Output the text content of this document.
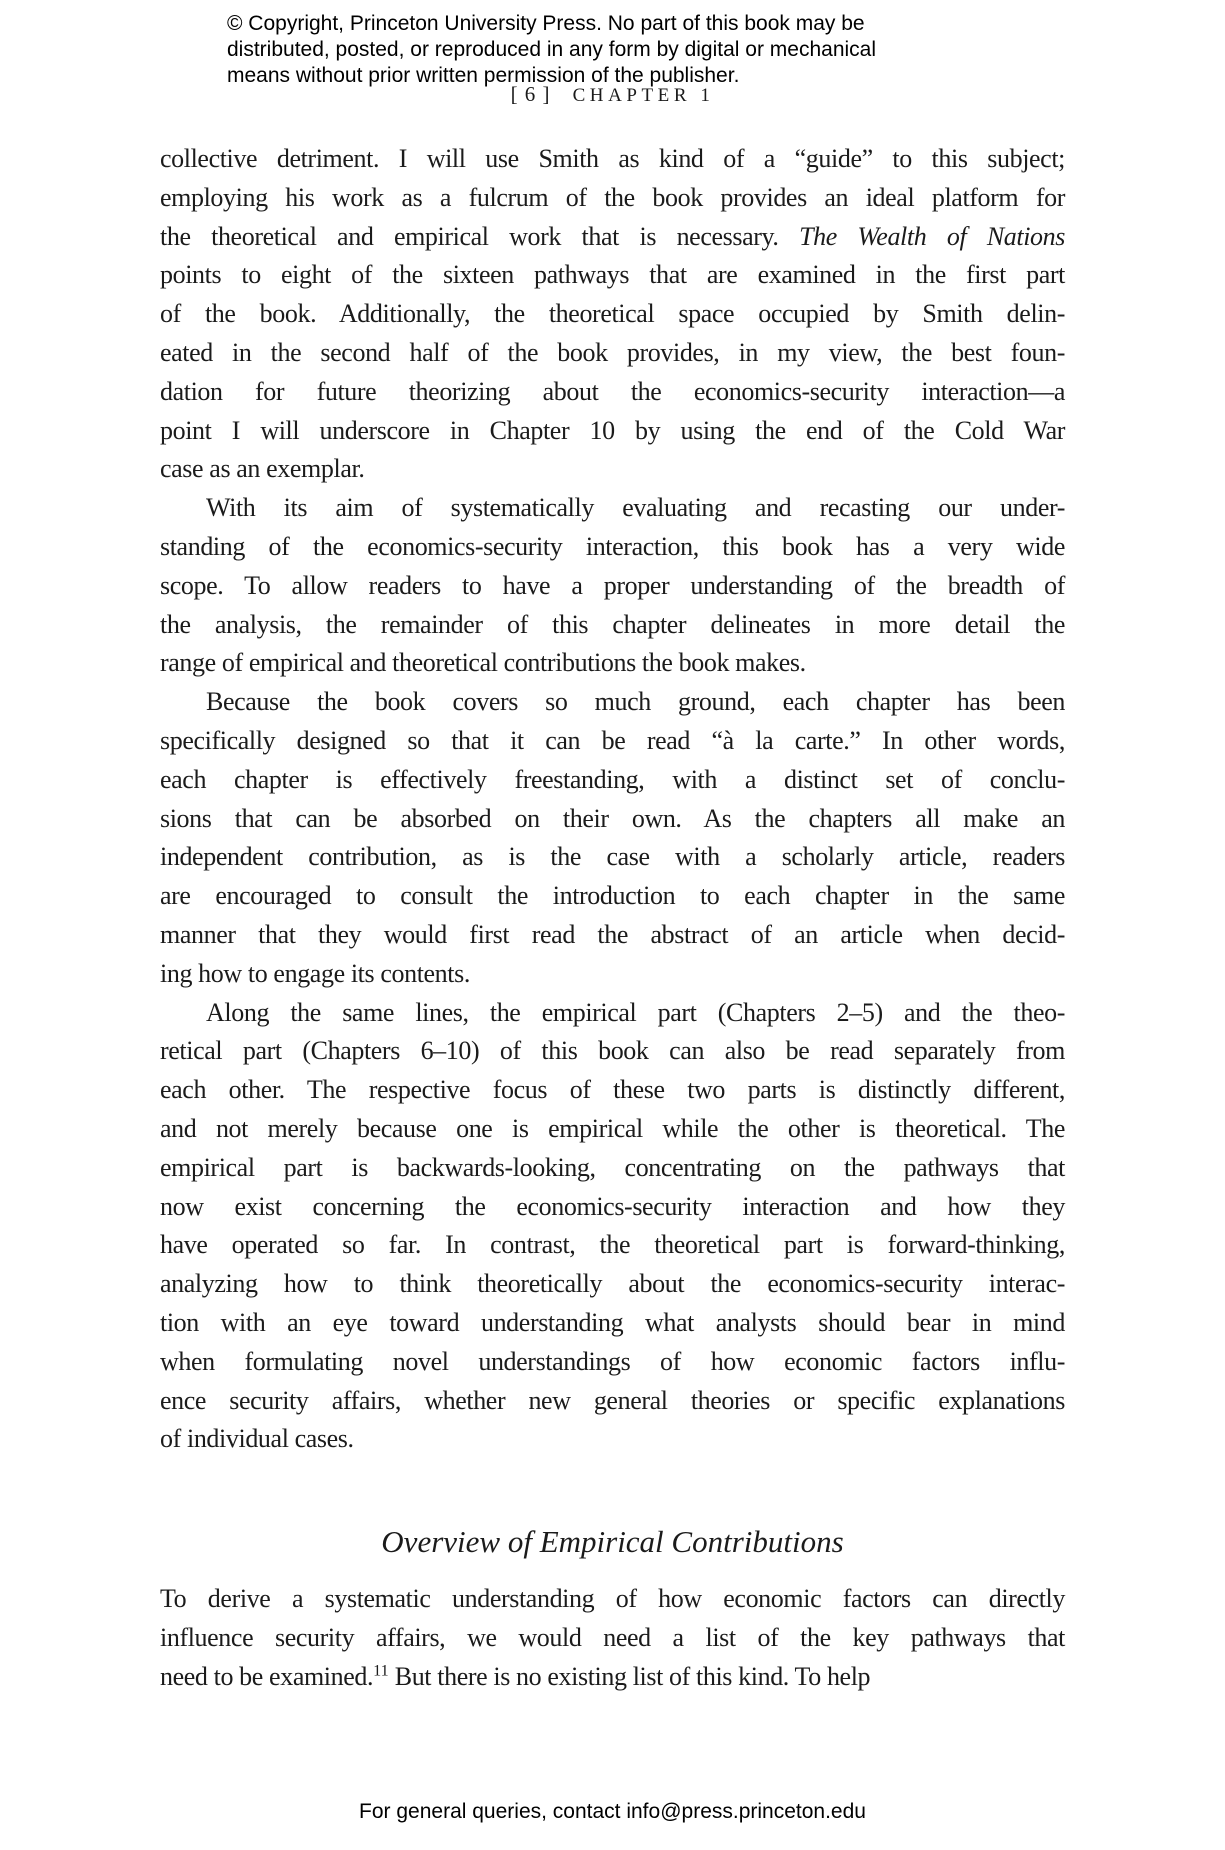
© Copyright, Princeton University Press. No part of this book may be
distributed, posted, or reproduced in any form by digital or mechanical
means without prior written permission of the publisher.
[ 6 ] CHAPTER 1
collective detriment. I will use Smith as kind of a “guide” to this subject;
employing his work as a fulcrum of the book provides an ideal platform for
the theoretical and empirical work that is necessary. The Wealth of Nations
points to eight of the sixteen pathways that are examined in the first part
of the book. Additionally, the theoretical space occupied by Smith delin-
eated in the second half of the book provides, in my view, the best foun-
dation for future theorizing about the economics-security interaction—a
point I will underscore in Chapter 10 by using the end of the Cold War
case as an exemplar.
With its aim of systematically evaluating and recasting our under-
standing of the economics-security interaction, this book has a very wide
scope. To allow readers to have a proper understanding of the breadth of
the analysis, the remainder of this chapter delineates in more detail the
range of empirical and theoretical contributions the book makes.
Because the book covers so much ground, each chapter has been
specifically designed so that it can be read “à la carte.” In other words,
each chapter is effectively freestanding, with a distinct set of conclu-
sions that can be absorbed on their own. As the chapters all make an
independent contribution, as is the case with a scholarly article, readers
are encouraged to consult the introduction to each chapter in the same
manner that they would first read the abstract of an article when decid-
ing how to engage its contents.
Along the same lines, the empirical part (Chapters 2–5) and the theo-
retical part (Chapters 6–10) of this book can also be read separately from
each other. The respective focus of these two parts is distinctly different,
and not merely because one is empirical while the other is theoretical. The
empirical part is backwards-looking, concentrating on the pathways that
now exist concerning the economics-security interaction and how they
have operated so far. In contrast, the theoretical part is forward-thinking,
analyzing how to think theoretically about the economics-security interac-
tion with an eye toward understanding what analysts should bear in mind
when formulating novel understandings of how economic factors influ-
ence security affairs, whether new general theories or specific explanations
of individual cases.
Overview of Empirical Contributions
To derive a systematic understanding of how economic factors can directly
influence security affairs, we would need a list of the key pathways that
need to be examined.$^{11}$ But there is no existing list of this kind. To help
For general queries, contact info@press.princeton.edu
